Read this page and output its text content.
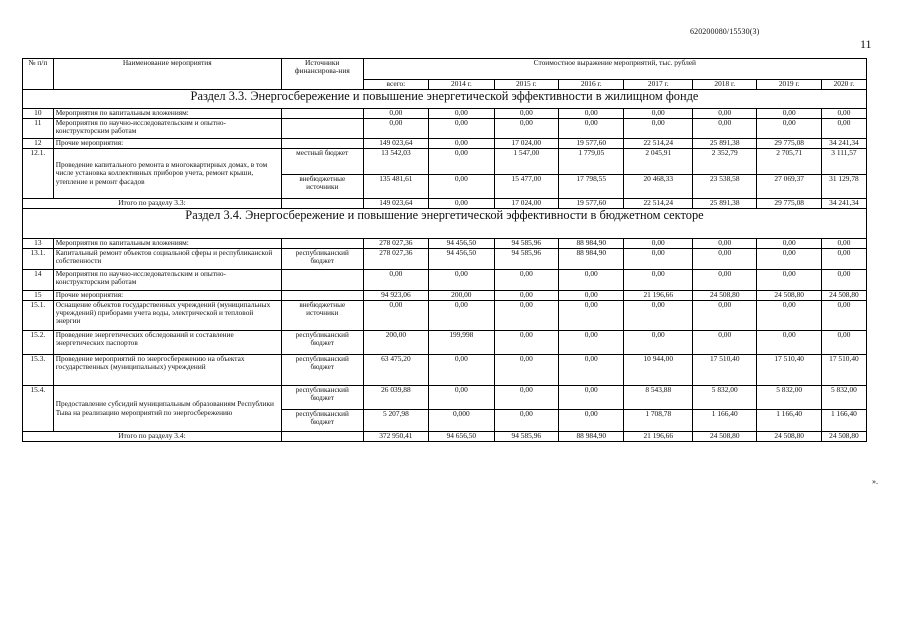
620200080/15530(3)
11
».
№ п/п	Наименование мероприятия	Источники финансирова-ния	Стоимостное выражение мероприятий, тыс. рублей							
			всего:	2014 г.	2015 г.	2016 г.	2017 г.	2018 г.	2019 г.	2020 г.
Раздел 3.3. Энергосбережение и повышение энергетической эффективности в жилищном фонде										
10	Мероприятия по капитальным вложениям:		0,00	0,00	0,00	0,00	0,00	0,00	0,00	0,00
11	Мероприятия по научно-исследовательским и опытно-конструкторским работам		0,00	0,00	0,00	0,00	0,00	0,00	0,00	0,00
12	Прочие мероприятия:		149 023,64	0,00	17 024,00	19 577,60	22 514,24	25 891,38	29 775,08	34 241,34
12.1.	Проведение капитального ремонта в многоквартирных домах, в том числе установка коллективных приборов учета, ремонт крыши, утепление и ремонт фасадов	местный бюджет	13 542,03	0,00	1 547,00	1 779,05	2 045,91	2 352,79	2 705,71	3 111,57
		внебюджетные источники	135 481,61	0,00	15 477,00	17 798,55	20 468,33	23 538,58	27 069,37	31 129,78
Итого по разделу 3.3:			149 023,64	0,00	17 024,00	19 577,60	22 514,24	25 891,38	29 775,08	34 241,34
Раздел 3.4. Энергосбережение и повышение энергетической эффективности в бюджетном секторе										
13	Мероприятия по капитальным вложениям:		278 027,36	94 456,50	94 585,96	88 984,90	0,00	0,00	0,00	0,00
13.1.	Капитальный ремонт объектов социальной сферы и республиканской собственности	республиканский бюджет	278 027,36	94 456,50	94 585,96	88 984,90	0,00	0,00	0,00	0,00
14	Мероприятия по научно-исследовательским и опытно-конструкторским работам		0,00	0,00	0,00	0,00	0,00	0,00	0,00	0,00
15	Прочие мероприятия:		94 923,06	200,00	0,00	0,00	21 196,66	24 508,80	24 508,80	24 508,80
15.1.	Оснащение объектов государственных учреждений (муниципальных учреждений) приборами учета воды, электрической и тепловой энергии	внебюджетные источники	0,00	0,00	0,00	0,00	0,00	0,00	0,00	0,00
15.2.	Проведение энергетических обследований и составление энергетических паспортов	республиканский бюджет	200,00	199,998	0,00	0,00	0,00	0,00	0,00	0,00
15.3.	Проведение мероприятий по энергосбережению на объектах государственных (муниципальных) учреждений	республиканский бюджет	63 475,20	0,00	0,00	0,00	10 944,00	17 510,40	17 510,40	17 510,40
15.4.	Предоставление субсидий муниципальным образованиям Республики Тыва на реализацию мероприятий по энергосбережению	республиканский бюджет	26 039,88	0,00	0,00	0,00	8 543,88	5 832,00	5 832,00	5 832,00
		республиканский бюджет	5 207,98	0,000	0,00	0,00	1 708,78	1 166,40	1 166,40	1 166,40
Итого по разделу 3.4:			372 950,41	94 656,50	94 585,96	88 984,90	21 196,66	24 508,80	24 508,80	24 508,80
